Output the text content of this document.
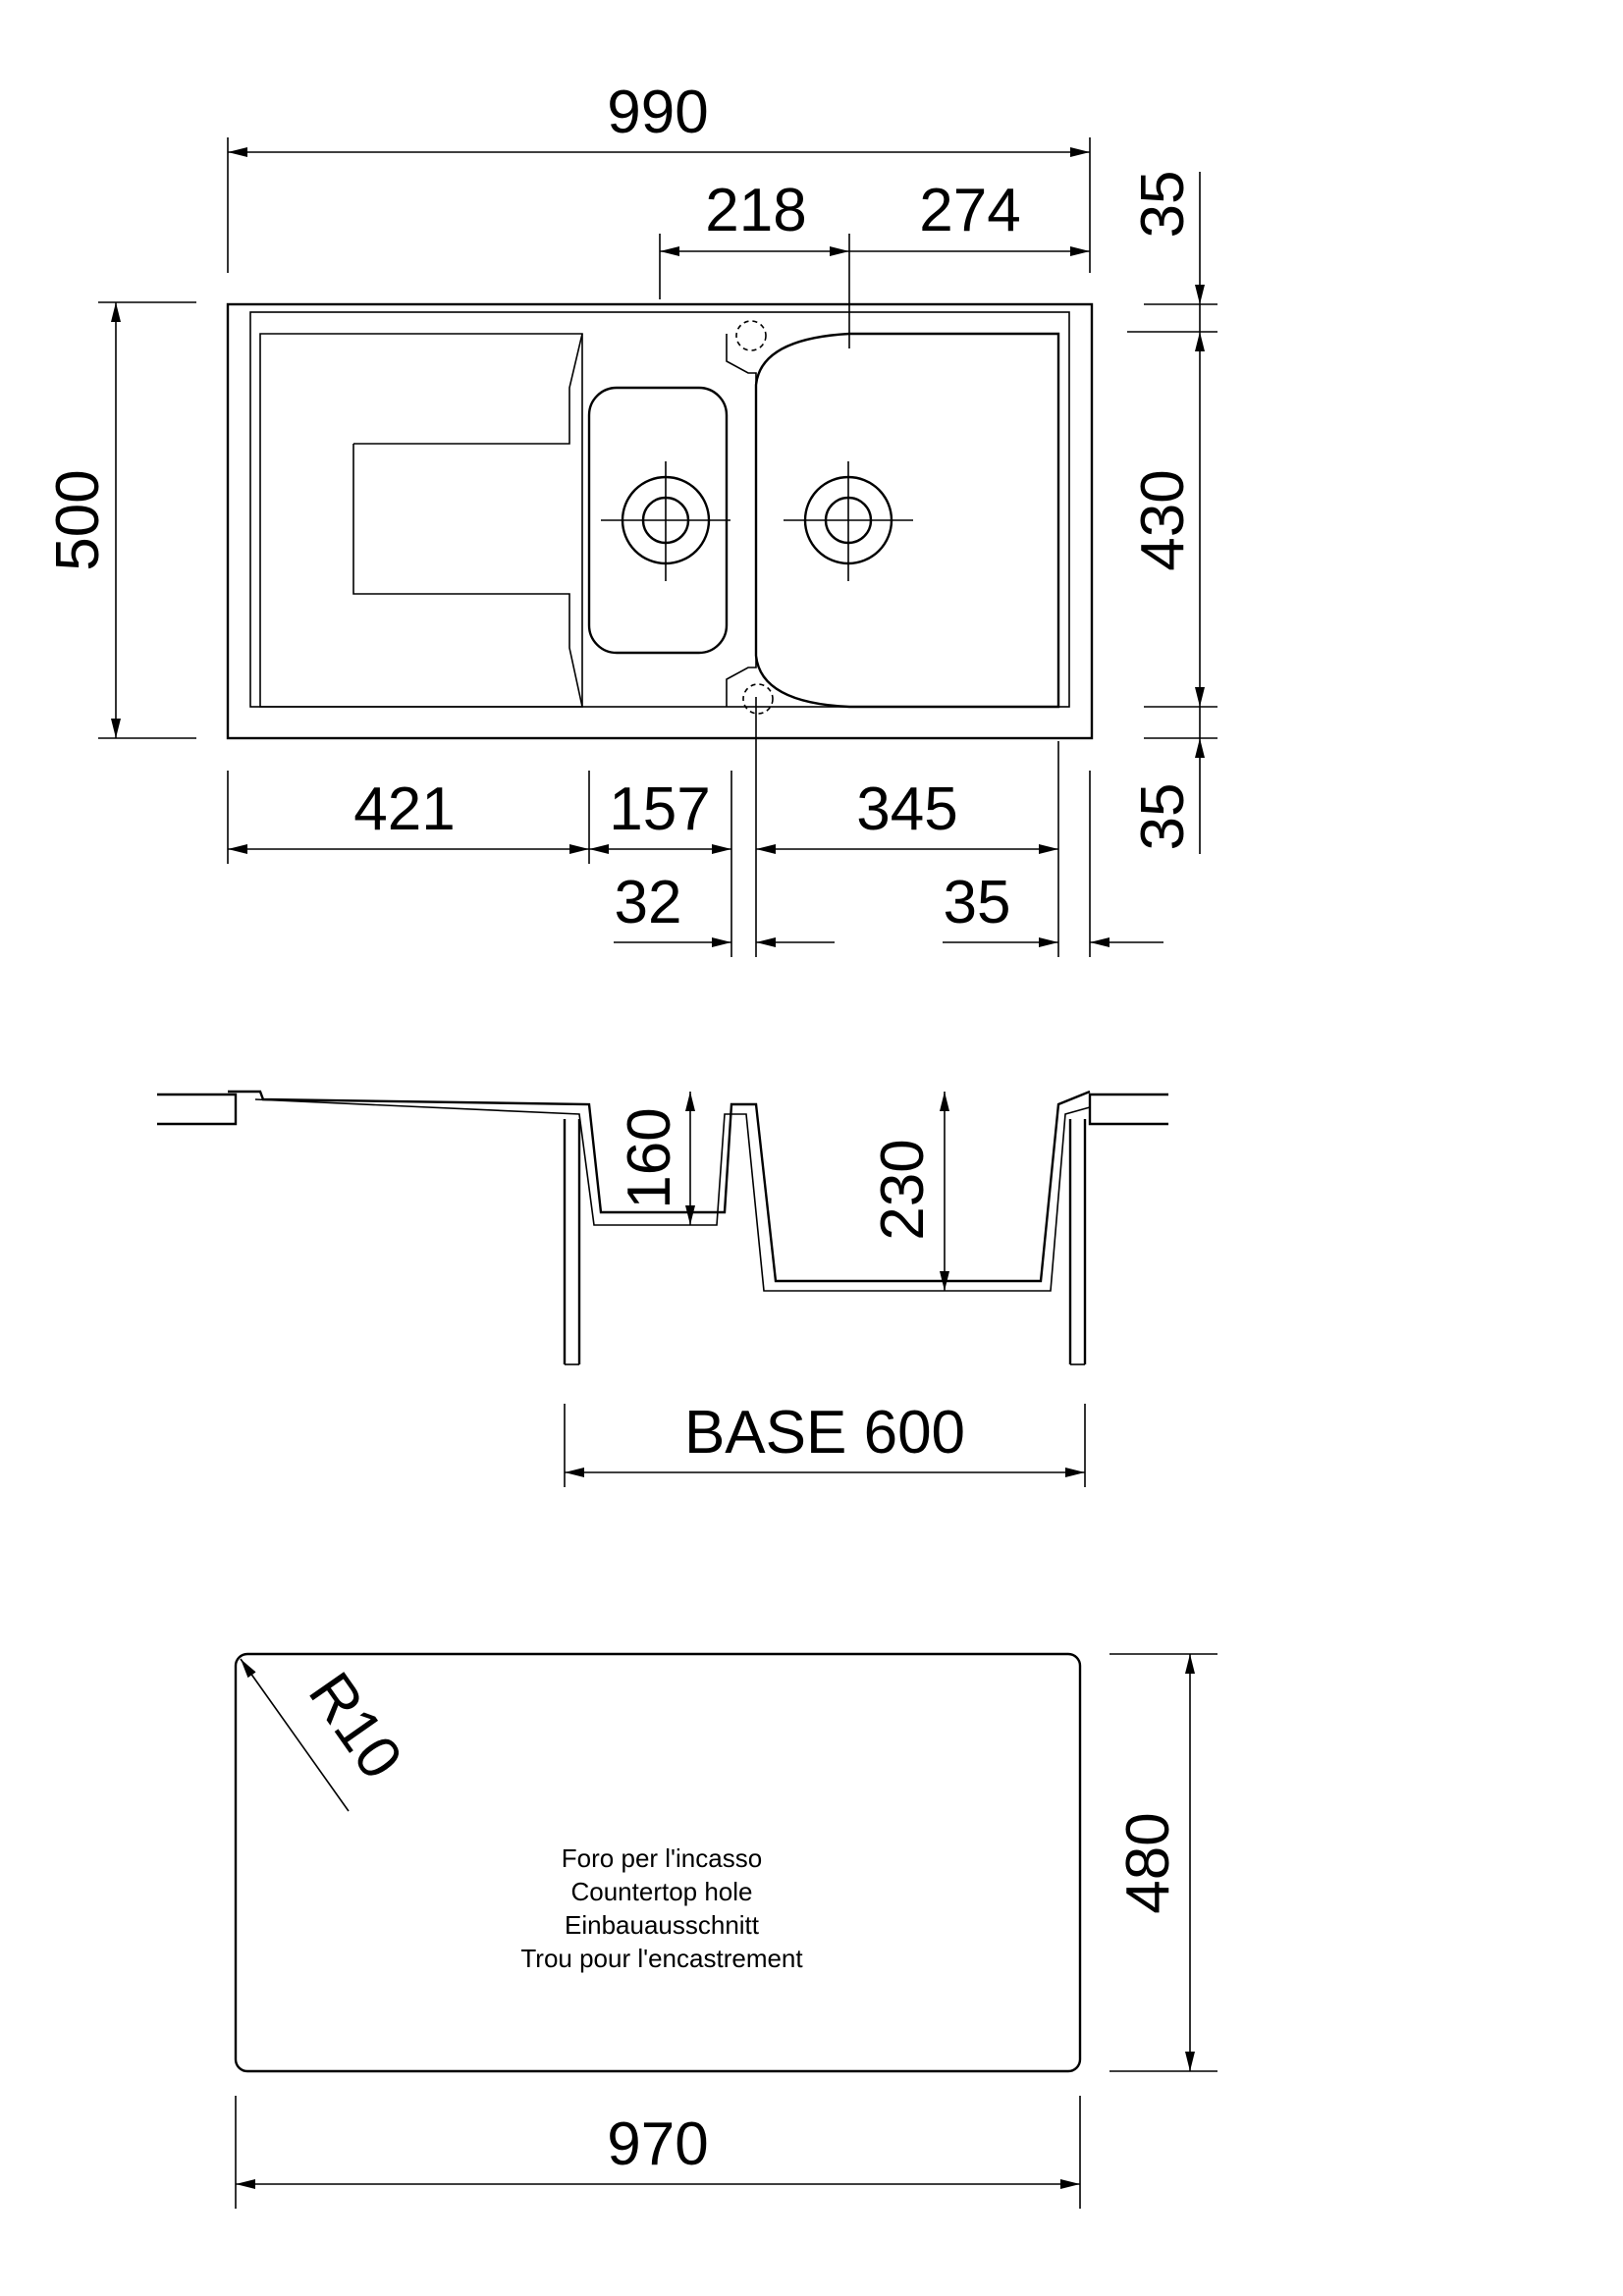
990
218 274
500
35
430
35
421	157 345
32	35
160	230
BASE 600
R10
Foro per l'incasso
Countertop hole
Einbauausschnitt
Trou pour l'encastrement
480
970
